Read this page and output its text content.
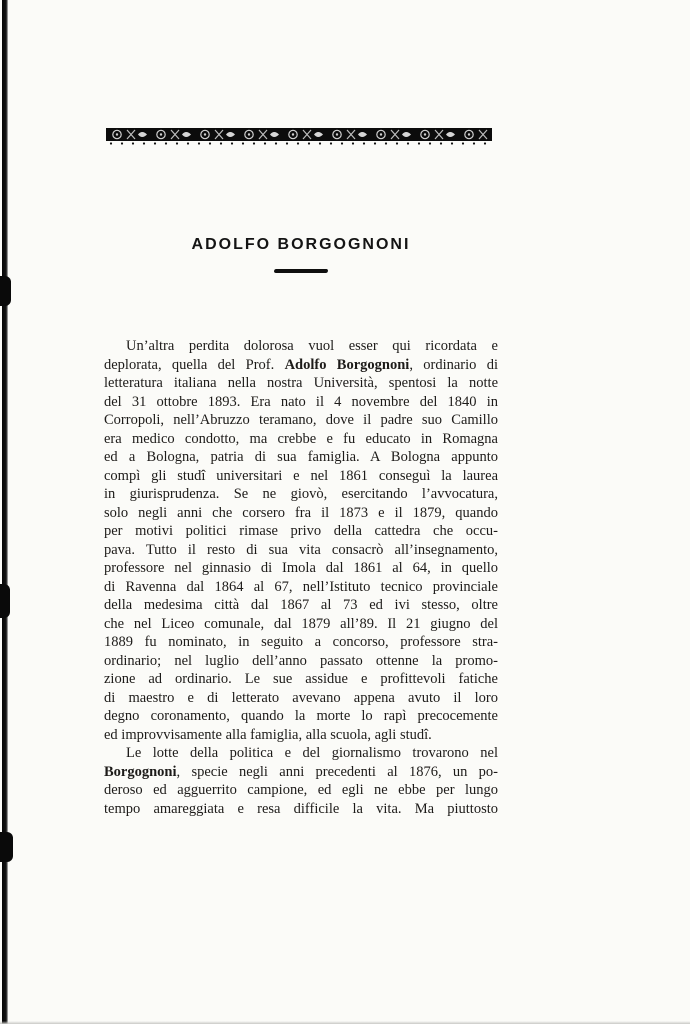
ADOLFO BORGOGNONI
Un’altra perdita dolorosa vuol esser qui ricordata e
deplorata, quella del Prof. Adolfo Borgognoni, ordinario di
letteratura italiana nella nostra Università, spentosi la notte
del 31 ottobre 1893. Era nato il 4 novembre del 1840 in
Corropoli, nell’Abruzzo teramano, dove il padre suo Camillo
era medico condotto, ma crebbe e fu educato in Romagna
ed a Bologna, patria di sua famiglia. A Bologna appunto
compì gli studî universitari e nel 1861 conseguì la laurea
in giurisprudenza. Se ne giovò, esercitando l’avvocatura,
solo negli anni che corsero fra il 1873 e il 1879, quando
per motivi politici rimase privo della cattedra che occu-
pava. Tutto il resto di sua vita consacrò all’insegnamento,
professore nel ginnasio di Imola dal 1861 al 64, in quello
di Ravenna dal 1864 al 67, nell’Istituto tecnico provinciale
della medesima città dal 1867 al 73 ed ivi stesso, oltre
che nel Liceo comunale, dal 1879 all’89. Il 21 giugno del
1889 fu nominato, in seguito a concorso, professore stra-
ordinario; nel luglio dell’anno passato ottenne la promo-
zione ad ordinario. Le sue assidue e profittevoli fatiche
di maestro e di letterato avevano appena avuto il loro
degno coronamento, quando la morte lo rapì precocemente
ed improvvisamente alla famiglia, alla scuola, agli studî.
Le lotte della politica e del giornalismo trovarono nel
Borgognoni, specie negli anni precedenti al 1876, un po-
deroso ed agguerrito campione, ed egli ne ebbe per lungo
tempo amareggiata e resa difficile la vita. Ma piuttosto
